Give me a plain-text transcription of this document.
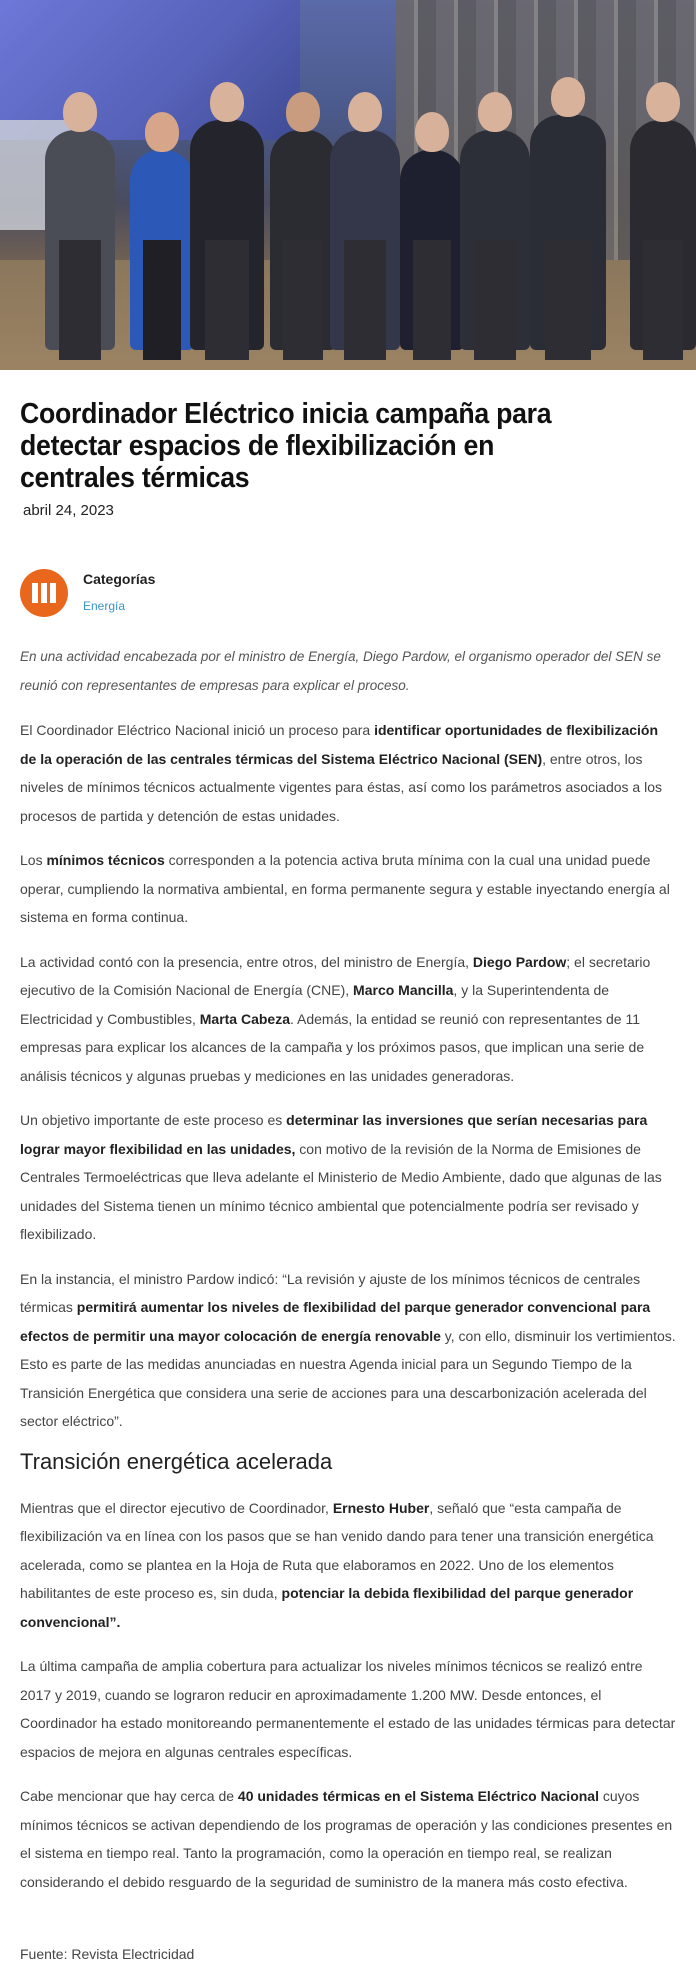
Coordinador Eléctrico inicia campaña para detectar espacios de flexibilización en centrales térmicas
abril 24, 2023
Categorías
Energía

En una actividad encabezada por el ministro de Energía, Diego Pardow, el organismo operador del SEN se reunió con representantes de empresas para explicar el proceso.

El Coordinador Eléctrico Nacional inició un proceso para identificar oportunidades de flexibilización de la operación de las centrales térmicas del Sistema Eléctrico Nacional (SEN), entre otros, los niveles de mínimos técnicos actualmente vigentes para éstas, así como los parámetros asociados a los procesos de partida y detención de estas unidades.

Los mínimos técnicos corresponden a la potencia activa bruta mínima con la cual una unidad puede operar, cumpliendo la normativa ambiental, en forma permanente segura y estable inyectando energía al sistema en forma continua.

La actividad contó con la presencia, entre otros, del ministro de Energía, Diego Pardow; el secretario ejecutivo de la Comisión Nacional de Energía (CNE), Marco Mancilla, y la Superintendenta de Electricidad y Combustibles, Marta Cabeza. Además, la entidad se reunió con representantes de 11 empresas para explicar los alcances de la campaña y los próximos pasos, que implican una serie de análisis técnicos y algunas pruebas y mediciones en las unidades generadoras.

Un objetivo importante de este proceso es determinar las inversiones que serían necesarias para lograr mayor flexibilidad en las unidades, con motivo de la revisión de la Norma de Emisiones de Centrales Termoeléctricas que lleva adelante el Ministerio de Medio Ambiente, dado que algunas de las unidades del Sistema tienen un mínimo técnico ambiental que potencialmente podría ser revisado y flexibilizado.

En la instancia, el ministro Pardow indicó: “La revisión y ajuste de los mínimos técnicos de centrales térmicas permitirá aumentar los niveles de flexibilidad del parque generador convencional para efectos de permitir una mayor colocación de energía renovable y, con ello, disminuir los vertimientos. Esto es parte de las medidas anunciadas en nuestra Agenda inicial para un Segundo Tiempo de la Transición Energética que considera una serie de acciones para una descarbonización acelerada del sector eléctrico”.

Transición energética acelerada

Mientras que el director ejecutivo de Coordinador, Ernesto Huber, señaló que “esta campaña de flexibilización va en línea con los pasos que se han venido dando para tener una transición energética acelerada, como se plantea en la Hoja de Ruta que elaboramos en 2022. Uno de los elementos habilitantes de este proceso es, sin duda, potenciar la debida flexibilidad del parque generador convencional”.

La última campaña de amplia cobertura para actualizar los niveles mínimos técnicos se realizó entre 2017 y 2019, cuando se lograron reducir en aproximadamente 1.200 MW. Desde entonces, el Coordinador ha estado monitoreando permanentemente el estado de las unidades térmicas para detectar espacios de mejora en algunas centrales específicas.

Cabe mencionar que hay cerca de 40 unidades térmicas en el Sistema Eléctrico Nacional cuyos mínimos técnicos se activan dependiendo de los programas de operación y las condiciones presentes en el sistema en tiempo real. Tanto la programación, como la operación en tiempo real, se realizan considerando el debido resguardo de la seguridad de suministro de la manera más costo efectiva.

Fuente: Revista Electricidad
